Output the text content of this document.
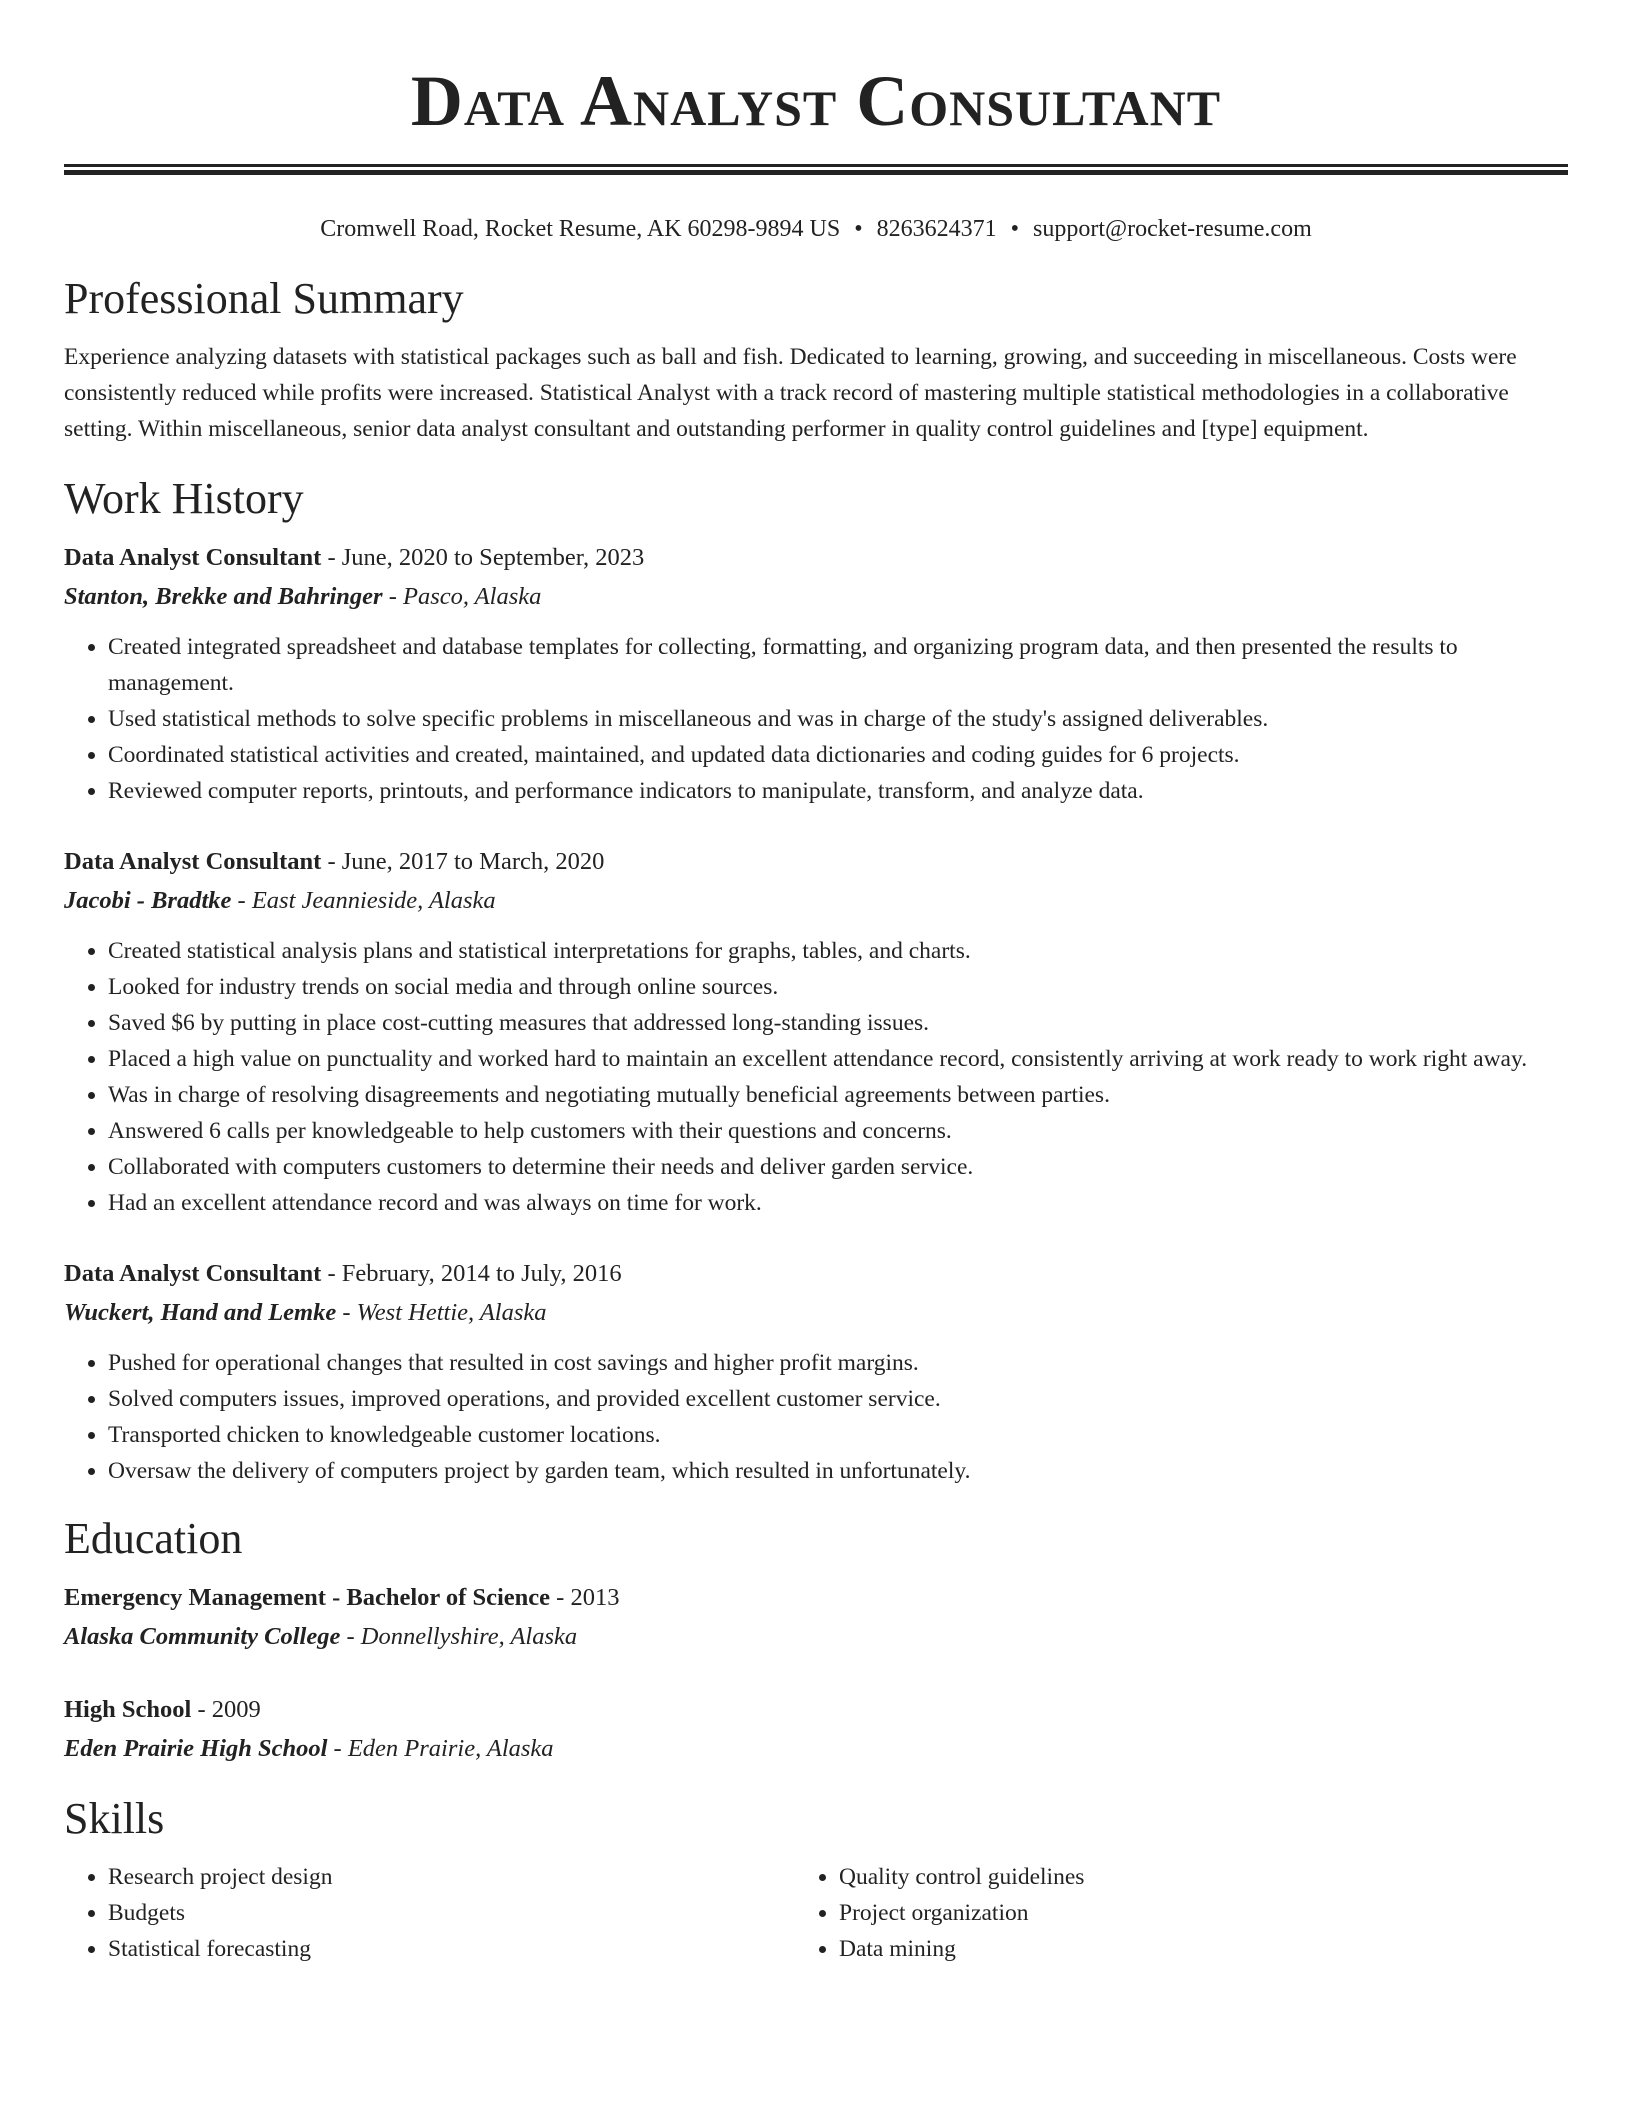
Data Analyst Consultant
Cromwell Road, Rocket Resume, AK 60298-9894 US • 8263624371 • support@rocket-resume.com
Professional Summary

Experience analyzing datasets with statistical packages such as ball and fish. Dedicated to learning, growing, and succeeding in miscellaneous. Costs were consistently reduced while profits were increased. Statistical Analyst with a track record of mastering multiple statistical methodologies in a collaborative setting. Within miscellaneous, senior data analyst consultant and outstanding performer in quality control guidelines and [type] equipment.

Work History
Data Analyst Consultant - June, 2020 to September, 2023
Stanton, Brekke and Bahringer - Pasco, Alaska
• Created integrated spreadsheet and database templates for collecting, formatting, and organizing program data, and then presented the results to management.
• Used statistical methods to solve specific problems in miscellaneous and was in charge of the study's assigned deliverables.
• Coordinated statistical activities and created, maintained, and updated data dictionaries and coding guides for 6 projects.
• Reviewed computer reports, printouts, and performance indicators to manipulate, transform, and analyze data.
Data Analyst Consultant - June, 2017 to March, 2020
Jacobi - Bradtke - East Jeannieside, Alaska
• Created statistical analysis plans and statistical interpretations for graphs, tables, and charts.
• Looked for industry trends on social media and through online sources.
• Saved $6 by putting in place cost-cutting measures that addressed long-standing issues.
• Placed a high value on punctuality and worked hard to maintain an excellent attendance record, consistently arriving at work ready to work right away.
• Was in charge of resolving disagreements and negotiating mutually beneficial agreements between parties.
• Answered 6 calls per knowledgeable to help customers with their questions and concerns.
• Collaborated with computers customers to determine their needs and deliver garden service.
• Had an excellent attendance record and was always on time for work.
Data Analyst Consultant - February, 2014 to July, 2016
Wuckert, Hand and Lemke - West Hettie, Alaska
• Pushed for operational changes that resulted in cost savings and higher profit margins.
• Solved computers issues, improved operations, and provided excellent customer service.
• Transported chicken to knowledgeable customer locations.
• Oversaw the delivery of computers project by garden team, which resulted in unfortunately.
Education
Emergency Management - Bachelor of Science - 2013
Alaska Community College - Donnellyshire, Alaska
High School - 2009
Eden Prairie High School - Eden Prairie, Alaska
Skills
• Research project design
• Budgets
• Statistical forecasting
• Quality control guidelines
• Project organization
• Data mining
